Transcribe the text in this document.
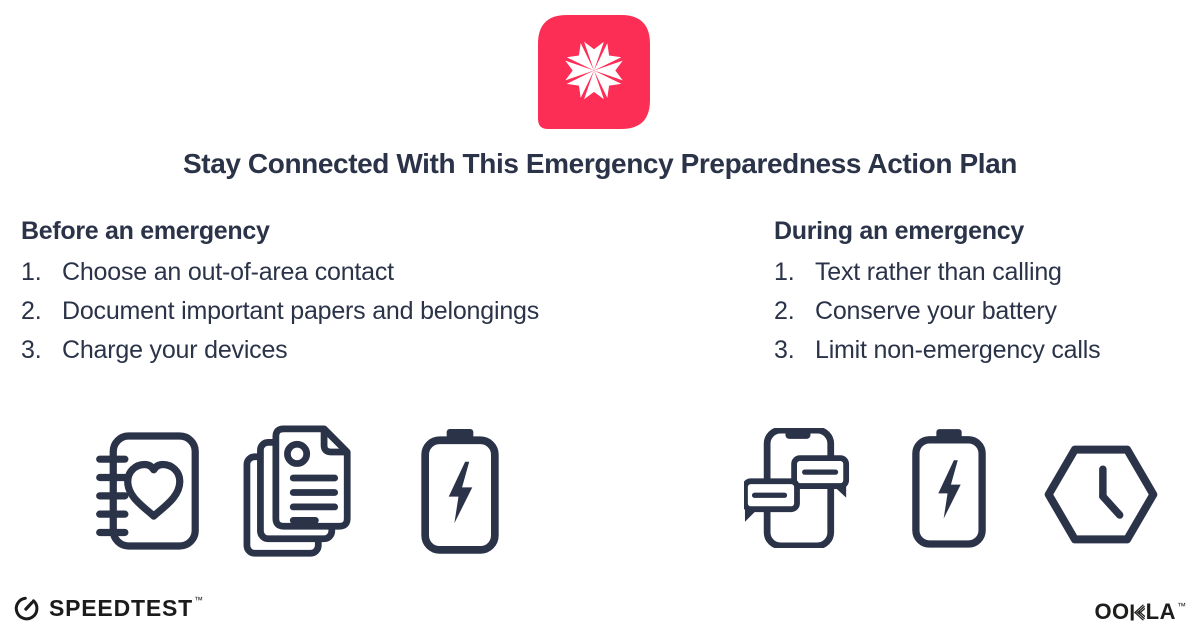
Stay Connected With This Emergency Preparedness Action Plan
Before an emergency
1. Choose an out-of-area contact
2. Document important papers and belongings
3. Charge your devices
During an emergency
1. Text rather than calling
2. Conserve your battery
3. Limit non-emergency calls
SPEEDTEST ™	OO LA ™
